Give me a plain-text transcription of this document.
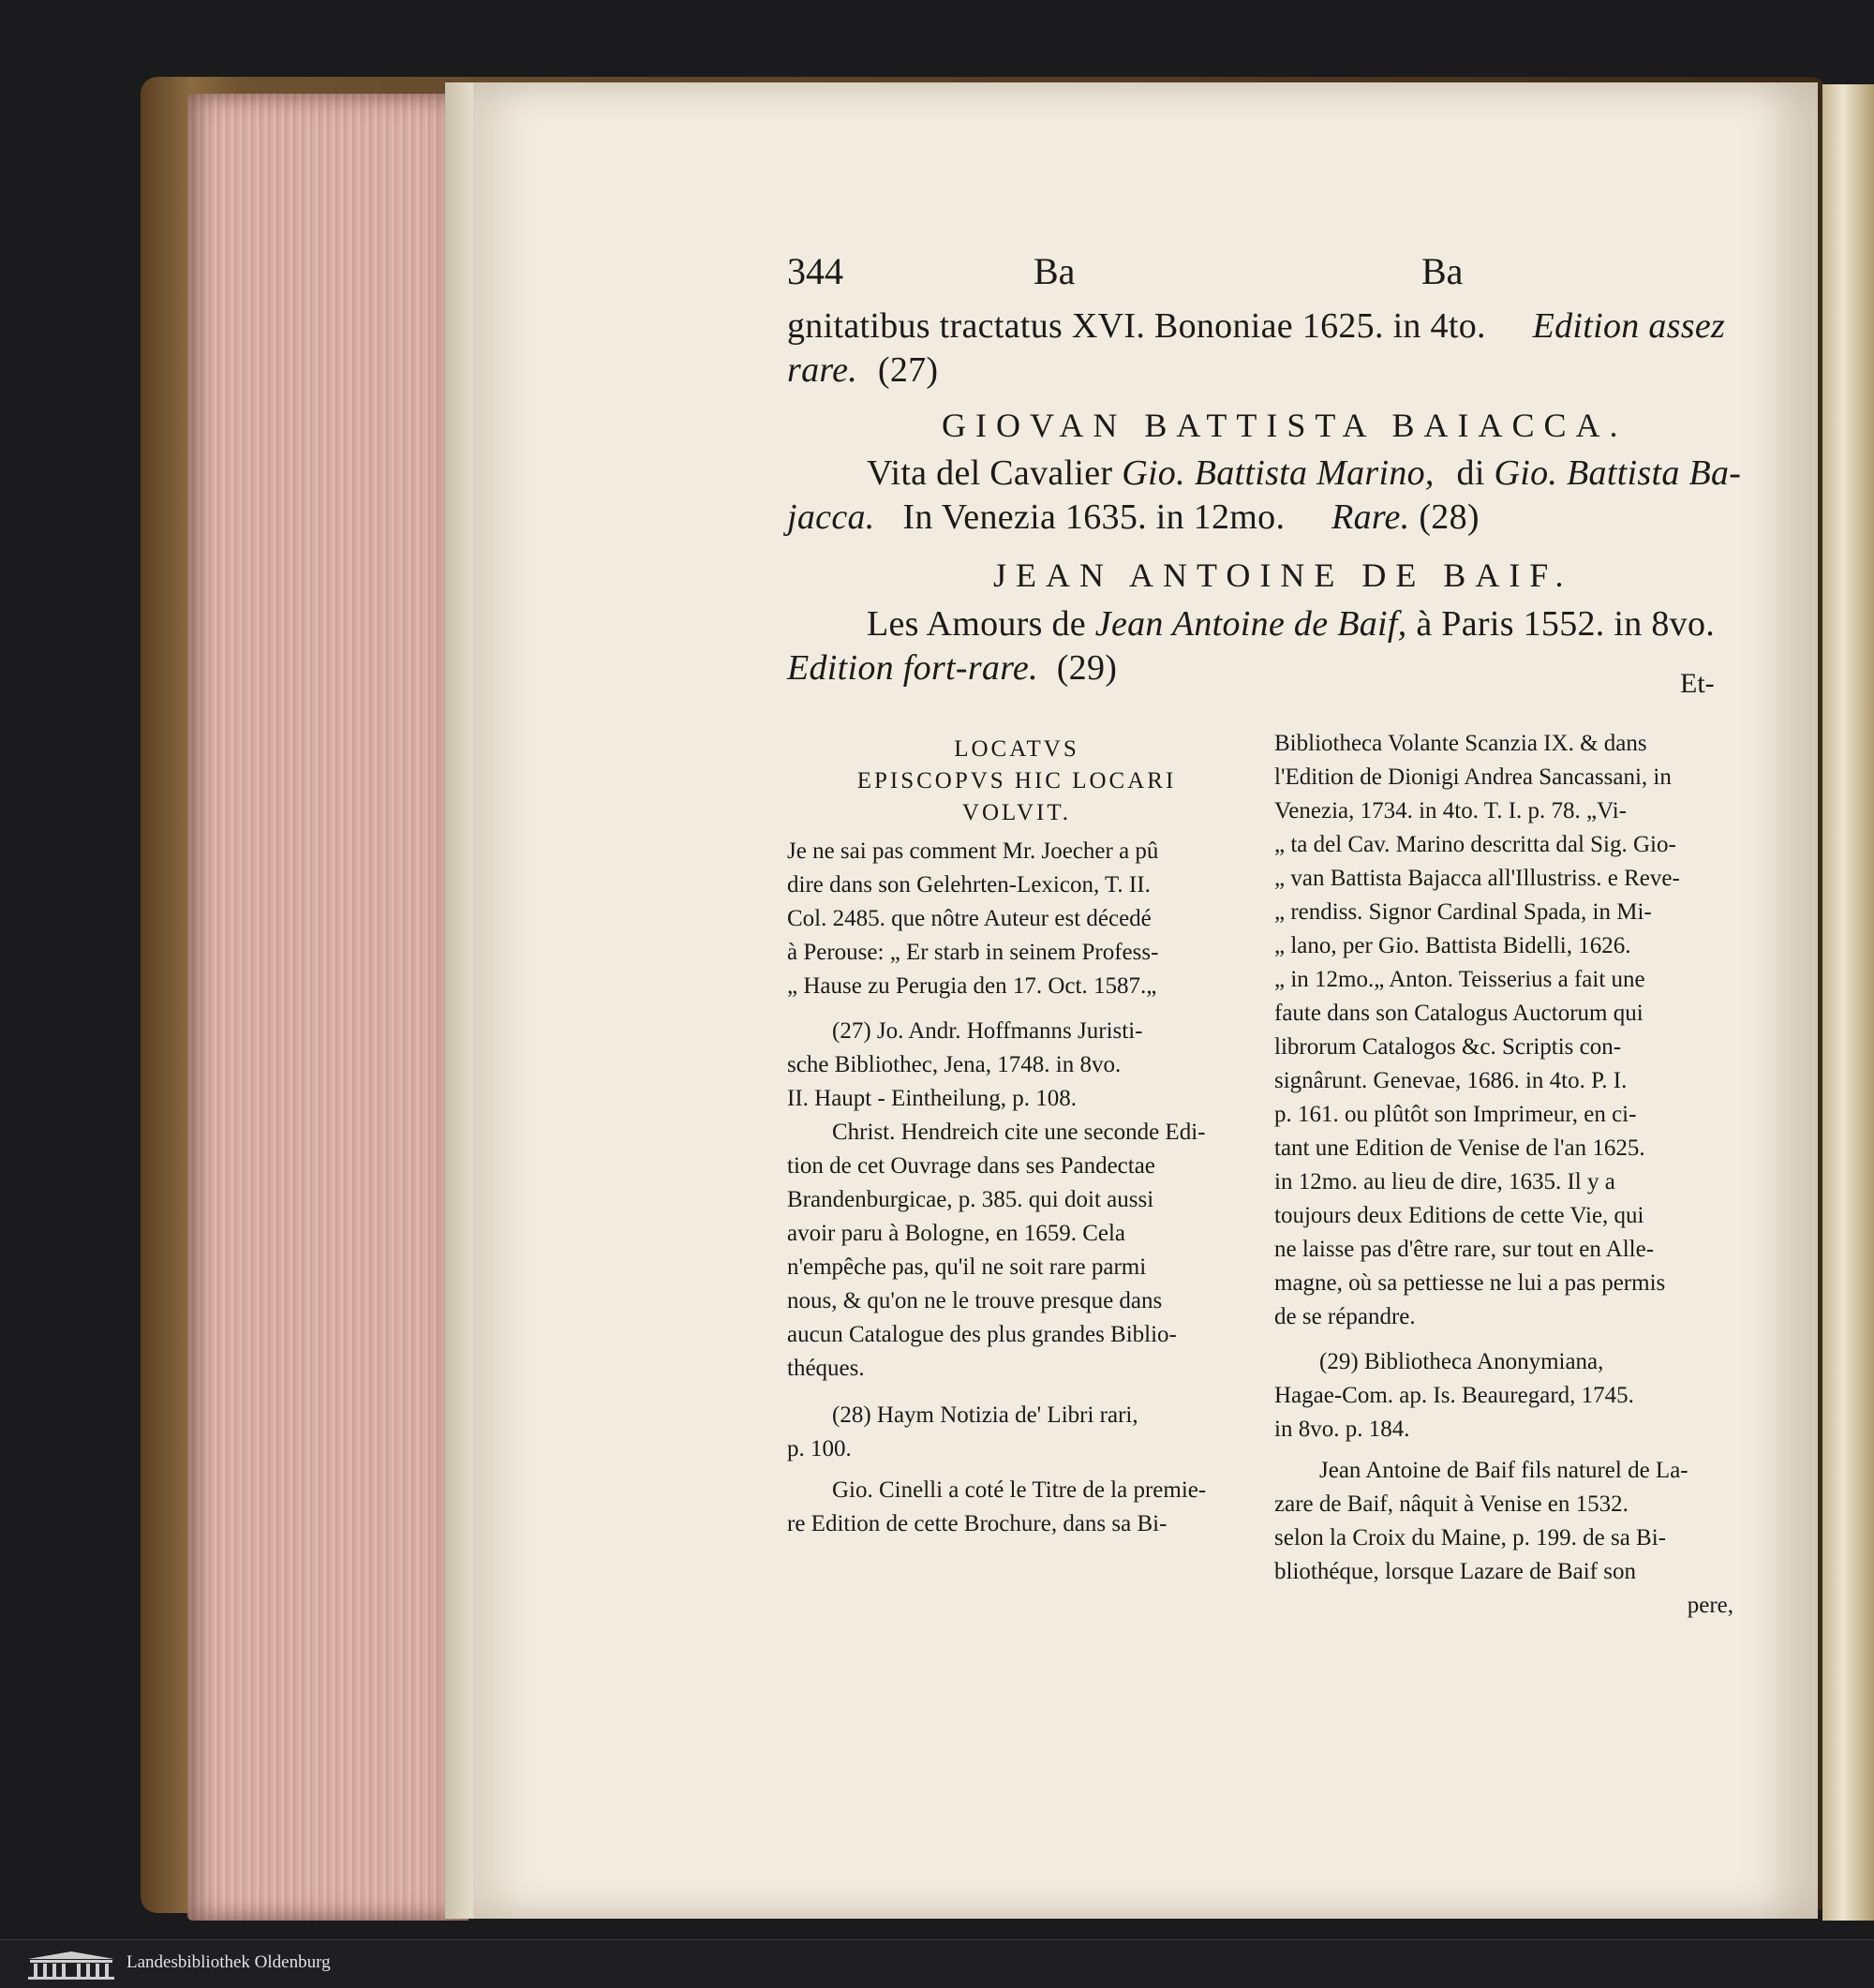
344	Ba	Ba
gnitatibus tractatus XVI. Bononiae 1625. in 4to. Edition assez
rare. (27)
GIOVAN BATTISTA BAIACCA.
Vita del Cavalier Gio. Battista Marino, di Gio. Battista Ba-
jacca. In Venezia 1635. in 12mo. Rare. (28)
JEAN ANTOINE DE BAIF.
Les Amours de Jean Antoine de Baif, à Paris 1552. in 8vo.
Edition fort-rare. (29)	Et-

LOCATVS

EPISCOPVS HIC LOCARI

VOLVIT.

Je ne sai pas comment Mr. Joecher a pû

dire dans son Gelehrten-Lexicon, T. II.

Col. 2485. que nôtre Auteur est décedé

à Perouse: „ Er starb in seinem Profess-

„ Hause zu Perugia den 17. Oct. 1587.„

(27) Jo. Andr. Hoffmanns Juristi-

sche Bibliothec, Jena, 1748. in 8vo.

II. Haupt - Eintheilung, p. 108.

Christ. Hendreich cite une seconde Edi-

tion de cet Ouvrage dans ses Pandectae

Brandenburgicae, p. 385. qui doit aussi

avoir paru à Bologne, en 1659. Cela

n'empêche pas, qu'il ne soit rare parmi

nous, & qu'on ne le trouve presque dans

aucun Catalogue des plus grandes Biblio-

théques.

(28) Haym Notizia de' Libri rari,

p. 100.

Gio. Cinelli a coté le Titre de la premie-

re Edition de cette Brochure, dans sa Bi-

Bibliotheca Volante Scanzia IX. & dans

l'Edition de Dionigi Andrea Sancassani, in

Venezia, 1734. in 4to. T. I. p. 78. „Vi-

„ ta del Cav. Marino descritta dal Sig. Gio-

„ van Battista Bajacca all'Illustriss. e Reve-

„ rendiss. Signor Cardinal Spada, in Mi-

„ lano, per Gio. Battista Bidelli, 1626.

„ in 12mo.„ Anton. Teisserius a fait une

faute dans son Catalogus Auctorum qui

librorum Catalogos &c. Scriptis con-

signârunt. Genevae, 1686. in 4to. P. I.

p. 161. ou plûtôt son Imprimeur, en ci-

tant une Edition de Venise de l'an 1625.

in 12mo. au lieu de dire, 1635. Il y a

toujours deux Editions de cette Vie, qui

ne laisse pas d'être rare, sur tout en Alle-

magne, où sa pettiesse ne lui a pas permis

de se répandre.

(29) Bibliotheca Anonymiana,

Hagae-Com. ap. Is. Beauregard, 1745.

in 8vo. p. 184.

Jean Antoine de Baif fils naturel de La-

zare de Baif, nâquit à Venise en 1532.

selon la Croix du Maine, p. 199. de sa Bi-

bliothéque, lorsque Lazare de Baif son

pere,

Landesbibliothek Oldenburg
